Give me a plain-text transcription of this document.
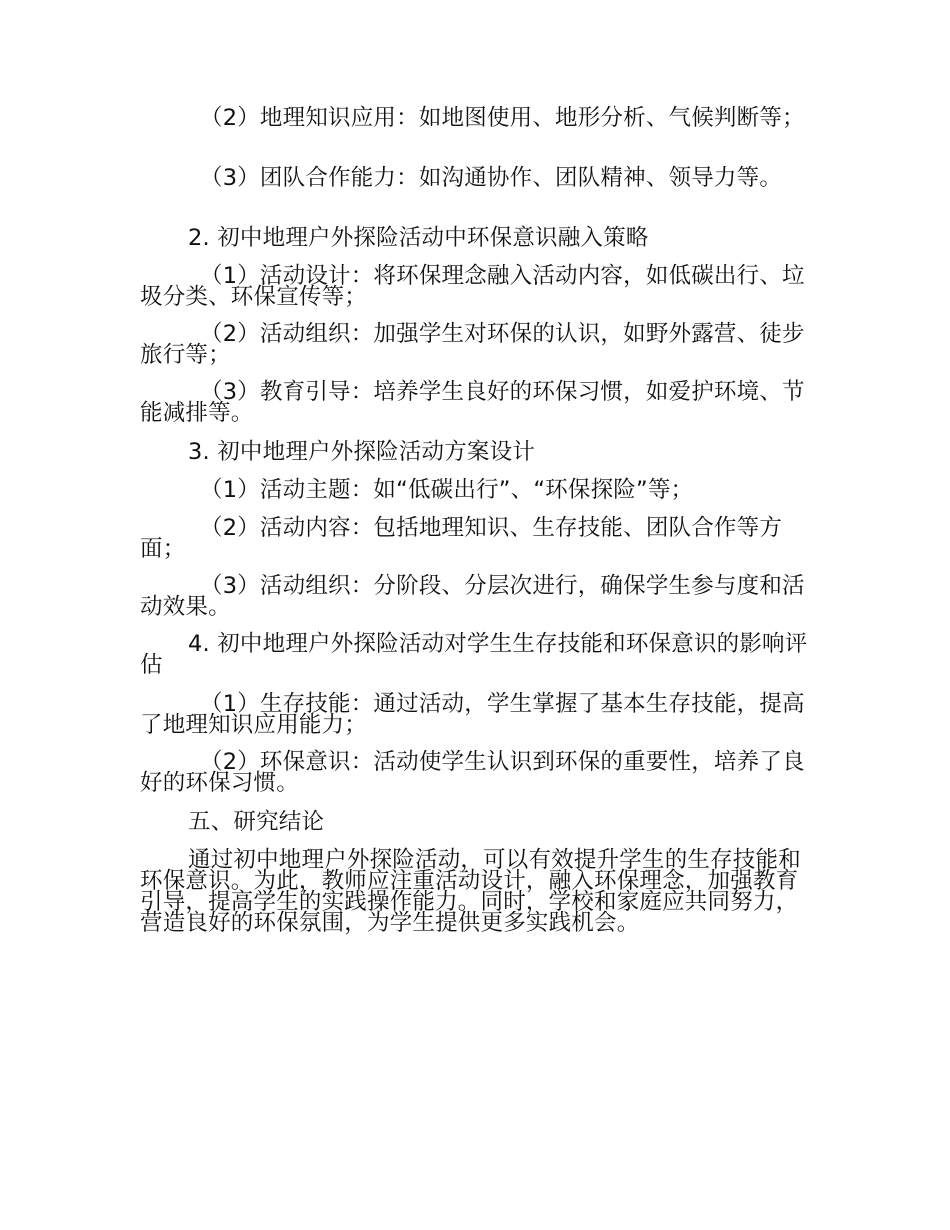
（2）地理知识应用：如地图使用、地形分析、气候判断等；
（3）团队合作能力：如沟通协作、团队精神、领导力等。
2. 初中地理户外探险活动中环保意识融入策略
（1）活动设计：将环保理念融入活动内容，如低碳出行、垃圾分类、环保宣传等；
（2）活动组织：加强学生对环保的认识，如野外露营、徒步旅行等；
（3）教育引导：培养学生良好的环保习惯，如爱护环境、节能减排等。
3. 初中地理户外探险活动方案设计
（1）活动主题：如“低碳出行”、“环保探险”等；
（2）活动内容：包括地理知识、生存技能、团队合作等方面；
（3）活动组织：分阶段、分层次进行，确保学生参与度和活动效果。
4. 初中地理户外探险活动对学生生存技能和环保意识的影响评估
（1）生存技能：通过活动，学生掌握了基本生存技能，提高了地理知识应用能力；
（2）环保意识：活动使学生认识到环保的重要性，培养了良好的环保习惯。
五、研究结论
通过初中地理户外探险活动，可以有效提升学生的生存技能和环保意识。为此，教师应注重活动设计，融入环保理念，加强教育引导，提高学生的实践操作能力。同时，学校和家庭应共同努力，营造良好的环保氛围，为学生提供更多实践机会。
